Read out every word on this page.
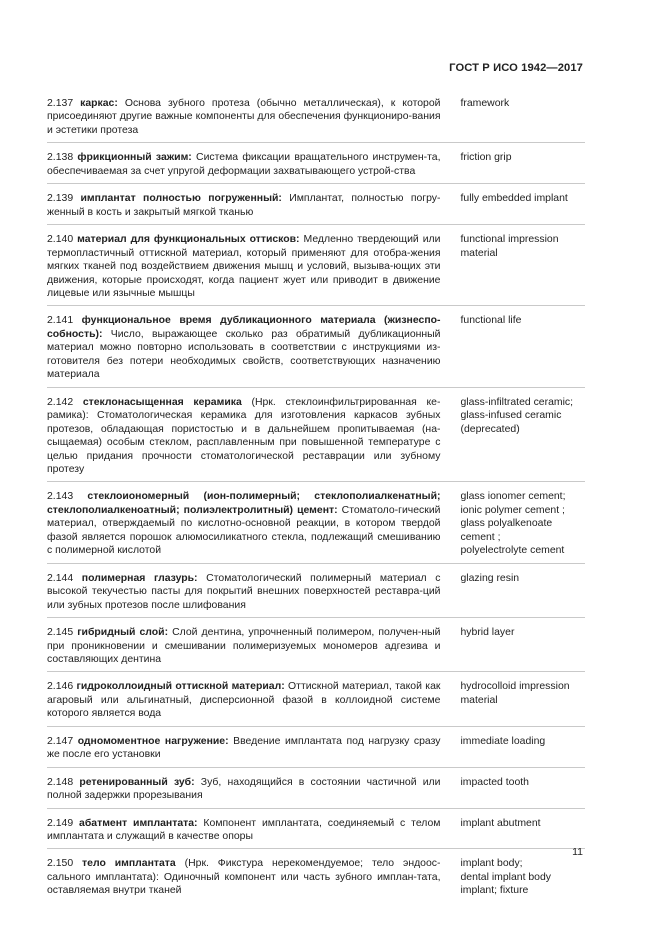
ГОСТ Р ИСО 1942—2017
2.137 каркас: Основа зубного протеза (обычно металлическая), к которой присоединяют другие важные компоненты для обеспечения функциониро-вания и эстетики протеза
framework
2.138 фрикционный зажим: Система фиксации вращательного инструмен-та, обеспечиваемая за счет упругой деформации захватывающего устрой-ства
friction grip
2.139 имплантат полностью погруженный: Имплантат, полностью погру-женный в кость и закрытый мягкой тканью
fully embedded implant
2.140 материал для функциональных оттисков: Медленно твердеющий или термопластичный оттискной материал, который применяют для отобра-жения мягких тканей под воздействием движения мышц и условий, вызыва-ющих эти движения, которые происходят, когда пациент жует или приводит в движение лицевые или язычные мышцы
functional impression
material
2.141 функциональное время дубликационного материала (жизнеспо-собность): Число, выражающее сколько раз обратимый дубликационный материал можно повторно использовать в соответствии с инструкциями из-готовителя без потери необходимых свойств, соответствующих назначению материала
functional life
2.142 стеклонасыщенная керамика (Нрк. стеклоинфильтрированная ке-рамика): Стоматологическая керамика для изготовления каркасов зубных протезов, обладающая пористостью и в дальнейшем пропитываемая (на-сыщаемая) особым стеклом, расплавленным при повышенной температуре с целью придания прочности стоматологической реставрации или зубному протезу
glass-infiltrated ceramic;
glass-infused ceramic
(deprecated)
2.143 стеклоиономерный (ион-полимерный; стеклополиалкенатный; стеклополиалкеноатный; полиэлектролитный) цемент: Стоматоло-гический материал, отверждаемый по кислотно-основной реакции, в котором твердой фазой является порошок алюмосиликатного стекла, подлежащий смешиванию с полимерной кислотой
glass ionomer cement;
ionic polymer cement ;
glass polyalkenoate
cement ;
polyelectrolyte cement
2.144 полимерная глазурь: Стоматологический полимерный материал с высокой текучестью пасты для покрытий внешних поверхностей реставра-ций или зубных протезов после шлифования
glazing resin
2.145 гибридный слой: Слой дентина, упрочненный полимером, получен-ный при проникновении и смешивании полимеризуемых мономеров адгезива и составляющих дентина
hybrid layer
2.146 гидроколлоидный оттискной материал: Оттискной материал, такой как агаровый или альгинатный, дисперсионной фазой в коллоидной системе которого является вода
hydrocolloid impression
material
2.147 одномоментное нагружение: Введение имплантата под нагрузку сразу же после его установки
immediate loading
2.148 ретенированный зуб: Зуб, находящийся в состоянии частичной или полной задержки прорезывания
impacted tooth
2.149 абатмент имплантата: Компонент имплантата, соединяемый с телом имплантата и служащий в качестве опоры
implant abutment
2.150 тело имплантата (Нрк. Фикстура нерекомендуемое; тело эндоос-сального имплантата): Одиночный компонент или часть зубного имплан-тата, оставляемая внутри тканей
implant body;
dental implant body
implant; fixture
11
